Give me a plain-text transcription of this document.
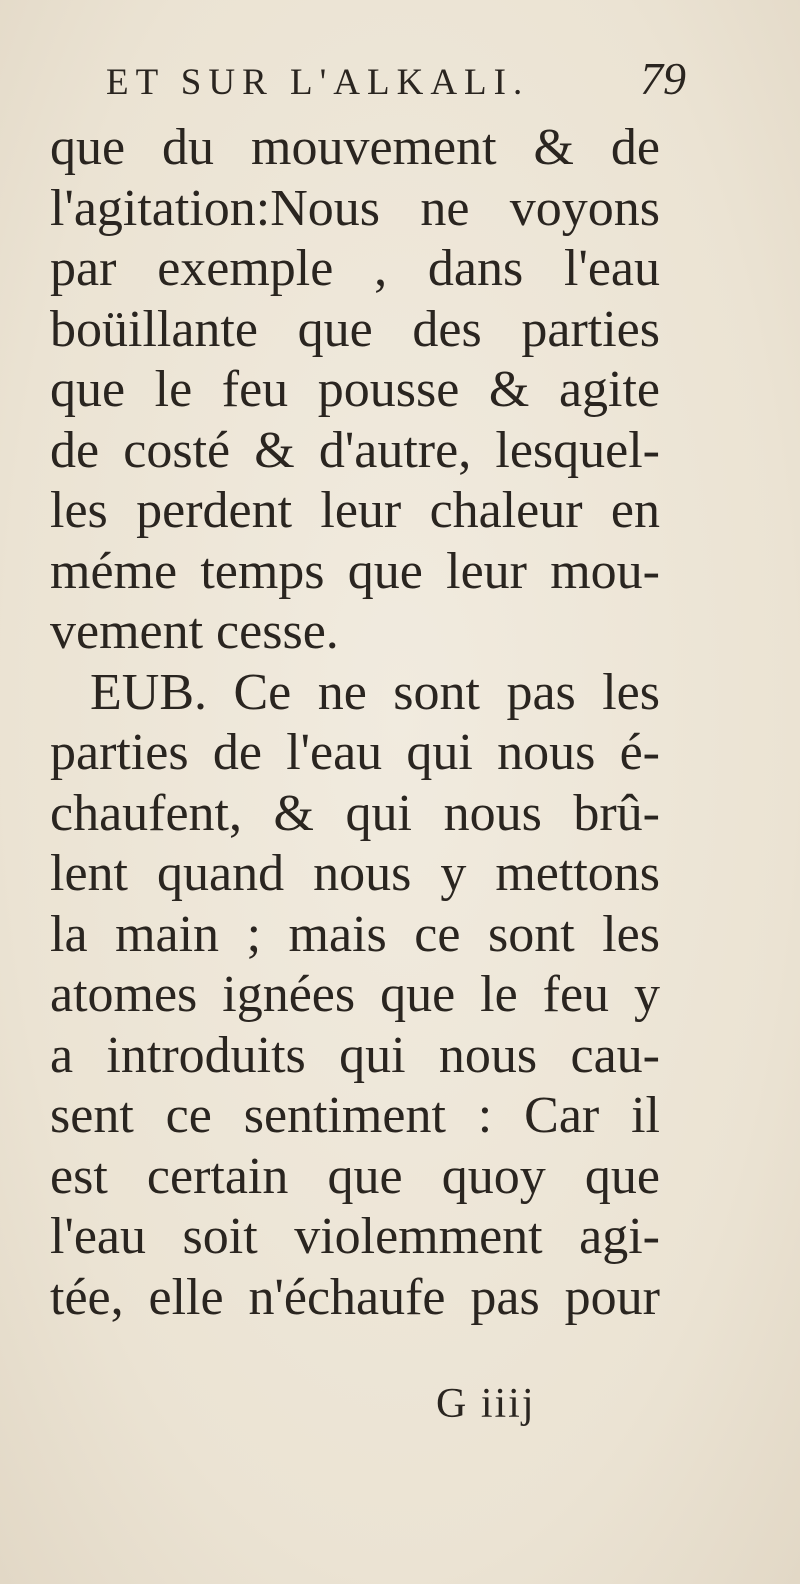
ET SUR L'ALKALI. 79
que du mouvement & de
l'agitation:Nous ne voyons
par exemple , dans l'eau
boüillante que des parties
que le feu pousse & agite
de costé & d'autre, lesquel-
les perdent leur chaleur en
méme temps que leur mou-
vement cesse.
EUB. Ce ne sont pas les
parties de l'eau qui nous é-
chaufent, & qui nous brû-
lent quand nous y mettons
la main ; mais ce sont les
atomes ignées que le feu y
a introduits qui nous cau-
sent ce sentiment : Car il
est certain que quoy que
l'eau soit violemment agi-
tée, elle n'échaufe pas pour
G iiij
